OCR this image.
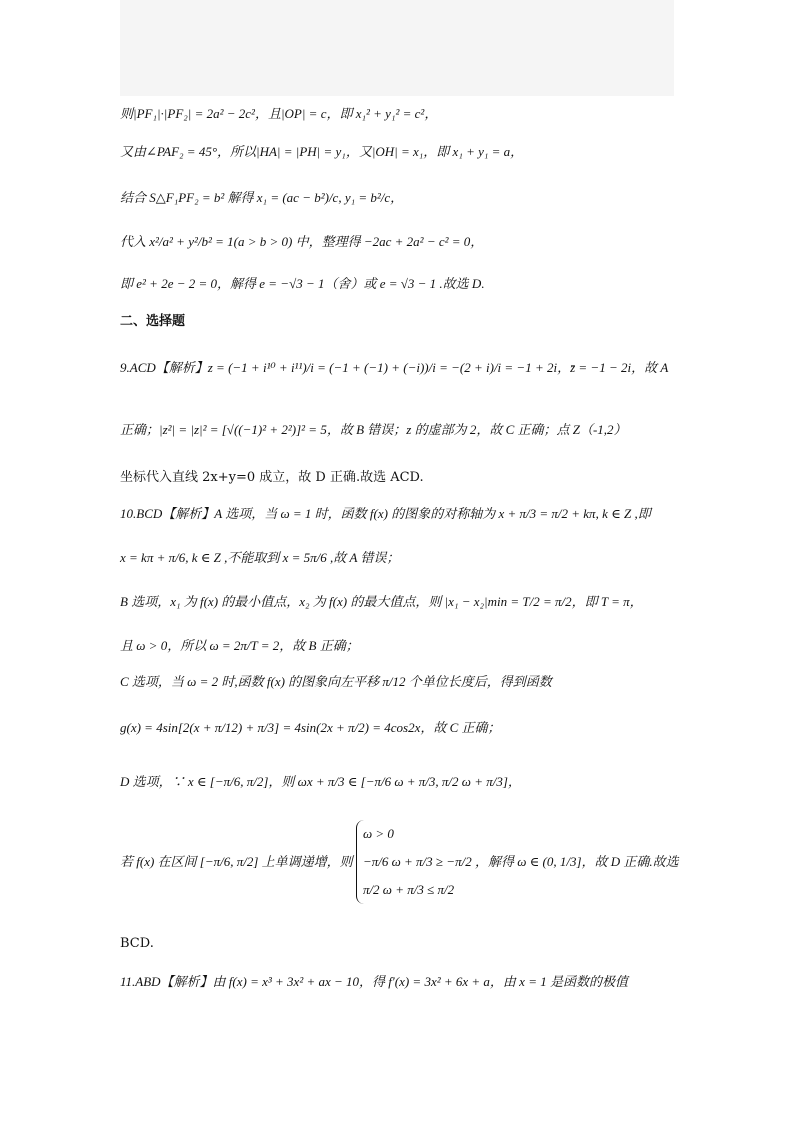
则|PF₁|·|PF₂| = 2a² − 2c²，且|OP| = c，即 x₁² + y₁² = c²，
又由∠PAF₂ = 45°，所以|HA| = |PH| = y₁，又|OH| = x₁，即 x₁ + y₁ = a，
结合 S△F₁PF₂ = b² 解得 x₁ = (ac − b²)/c, y₁ = b²/c，
代入 x²/a² + y²/b² = 1(a > b > 0) 中，整理得 −2ac + 2a² − c² = 0，
即 e² + 2e − 2 = 0，解得 e = −√3 − 1（舍）或 e = √3 − 1 .故选 D.
二、选择题
9.ACD【解析】z = (−1 + i¹⁰ + i¹¹)/i = (−1 + (−1) + (−i))/i = −(2 + i)/i = −1 + 2i，z̄ = −1 − 2i，故 A
正确；|z²| = |z|² = [√((−1)² + 2²)]² = 5，故 B 错误；z 的虚部为 2，故 C 正确；点 Z（-1,2）
坐标代入直线 2x+y=0 成立，故 D 正确.故选 ACD.
10.BCD【解析】A 选项，当 ω = 1 时，函数 f(x) 的图象的对称轴为 x + π/3 = π/2 + kπ, k ∈ Z ,即
x = kπ + π/6, k ∈ Z ,不能取到 x = 5π/6 ,故 A 错误；
B 选项，x₁ 为 f(x) 的最小值点，x₂ 为 f(x) 的最大值点，则 |x₁ − x₂|min = T/2 = π/2，即 T = π，
且 ω > 0，所以 ω = 2π/T = 2，故 B 正确；
C 选项，当 ω = 2 时,函数 f(x) 的图象向左平移 π/12 个单位长度后，得到函数
g(x) = 4sin[2(x + π/12) + π/3] = 4sin(2x + π/2) = 4cos2x，故 C 正确；
D 选项，∵ x ∈ [−π/6, π/2]，则 ωx + π/3 ∈ [−π/6 ω + π/3, π/2 ω + π/3]，
若 f(x) 在区间 [−π/6, π/2] 上单调递增，则
ω > 0
−π/6 ω + π/3 ≥ −π/2
π/2 ω + π/3 ≤ π/2
，解得 ω ∈ (0, 1/3]，故 D 正确.故选
BCD.
11.ABD【解析】由 f(x) = x³ + 3x² + ax − 10，得 f′(x) = 3x² + 6x + a，由 x = 1 是函数的极值
